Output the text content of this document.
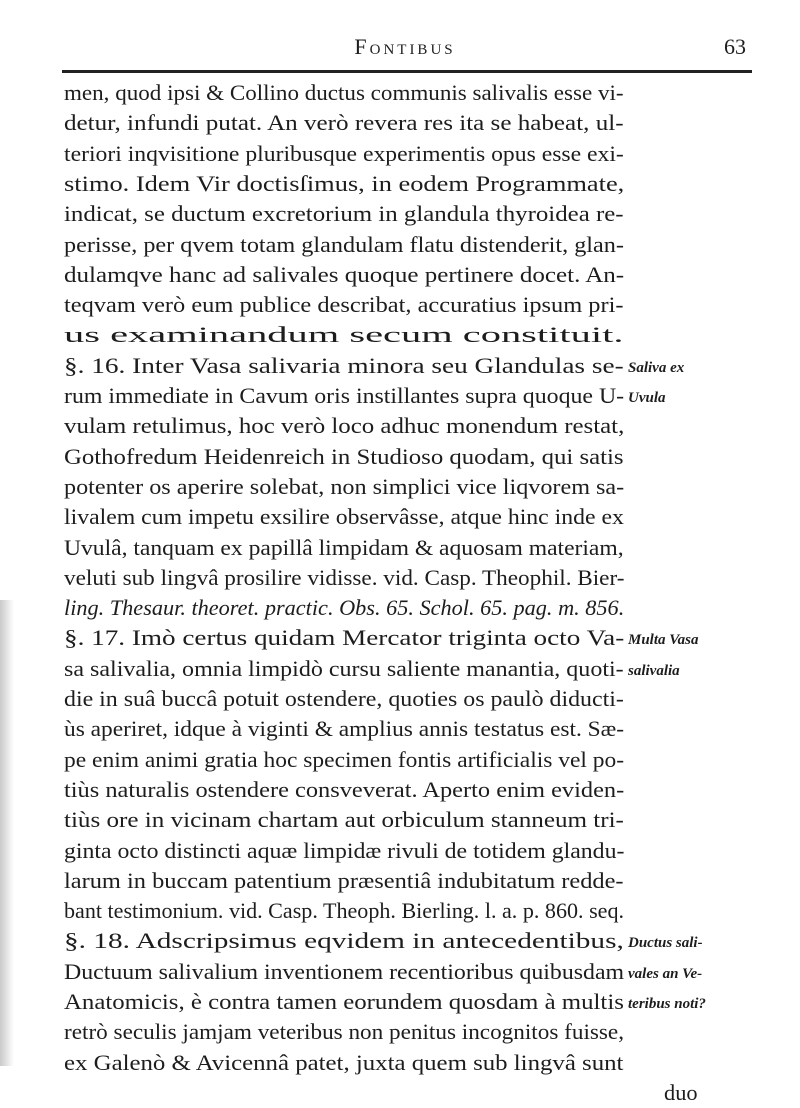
Fontibus	63
men, quod ipsi & Collino ductus communis salivalis esse vi-
detur, infundi putat. An verò revera res ita se habeat, ul-
teriori inqvisitione pluribusque experimentis opus esse exi-
stimo. Idem Vir doctisſimus, in eodem Programmate,
indicat, se ductum excretorium in glandula thyroidea re-
perisse, per qvem totam glandulam flatu distenderit, glan-
dulamqve hanc ad salivales quoque pertinere docet. An-
teqvam verò eum publice describat, accuratius ipsum pri-
us examinandum secum constituit.
§. 16. Inter Vasa salivaria minora seu Glandulas se-
rum immediate in Cavum oris instillantes supra quoque U-
vulam retulimus, hoc verò loco adhuc monendum restat,
Gothofredum Heidenreich in Studioso quodam, qui satis
potenter os aperire solebat, non simplici vice liqvorem sa-
livalem cum impetu exsilire observâsse, atque hinc inde ex
Uvulâ, tanquam ex papillâ limpidam & aquosam materiam,
veluti sub lingvâ prosilire vidisse. vid. Casp. Theophil. Bier-
ling. Thesaur. theoret. practic. Obs. 65. Schol. 65. pag. m. 856.
§. 17. Imò certus quidam Mercator triginta octo Va-
sa salivalia, omnia limpidò cursu saliente manantia, quoti-
die in suâ buccâ potuit ostendere, quoties os paulò diducti-
ùs aperiret, idque à viginti & amplius annis testatus est. Sæ-
pe enim animi gratia hoc specimen fontis artificialis vel po-
tiùs naturalis ostendere consveverat. Aperto enim eviden-
tiùs ore in vicinam chartam aut orbiculum stanneum tri-
ginta octo distincti aquæ limpidæ rivuli de totidem glandu-
larum in buccam patentium præsentiâ indubitatum redde-
bant testimonium. vid. Casp. Theoph. Bierling. l. a. p. 860. seq.
§. 18. Adscripsimus eqvidem in antecedentibus,
Ductuum salivalium inventionem recentioribus quibusdam
Anatomicis, è contra tamen eorundem quosdam à multis
retrò seculis jamjam veteribus non penitus incognitos fuisse,
ex Galenò & Avicennâ patet, juxta quem sub lingvâ sunt
duo
Saliva ex
Uvula
Multa Vasa
salivalia
Ductus sali-
vales an Ve-
teribus noti?
